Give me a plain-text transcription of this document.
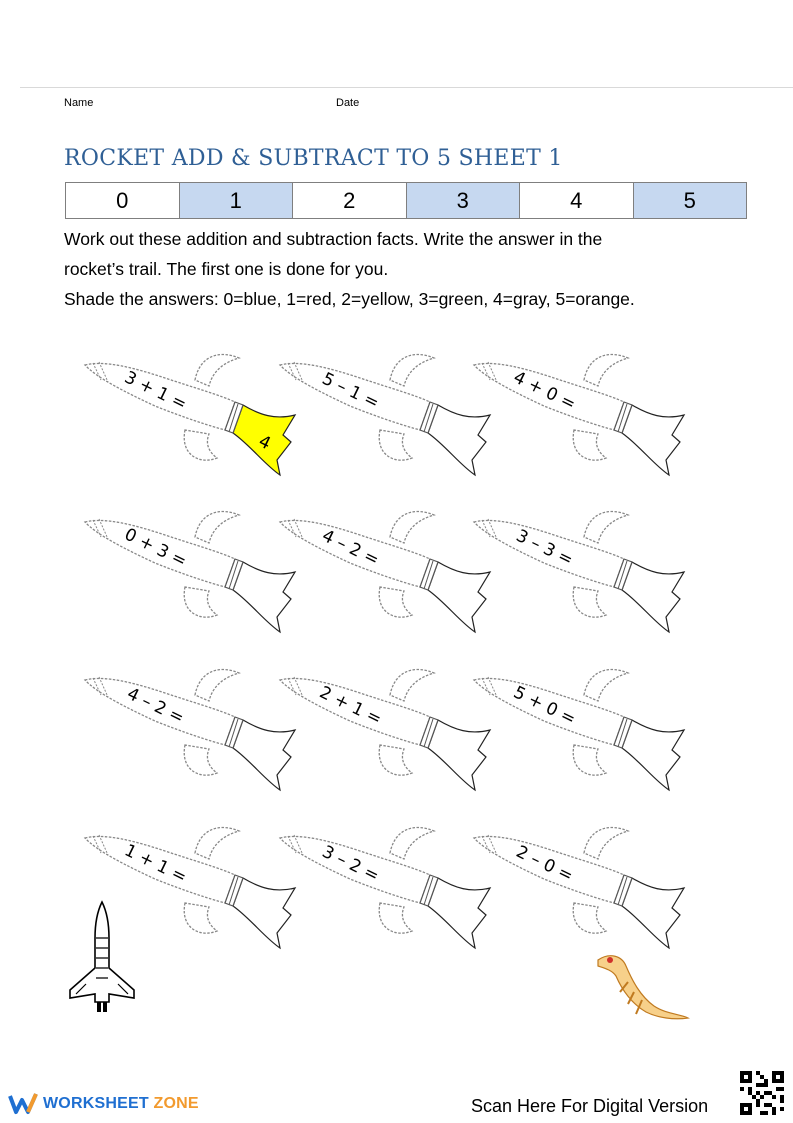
Name	Date
ROCKET ADD & SUBTRACT TO 5 SHEET 1
0	1	2	3	4	5

Work out these addition and subtraction facts. Write the answer in the

rocket’s trail. The first one is done for you.

Shade the answers: 0=blue, 1=red, 2=yellow, 3=green, 4=gray, 5=orange.

3 + 1 =
4
5 – 1 =	4 + 0 =
0 + 3 =	4 – 2 =	3 – 3 =
4 – 2 =	2 + 1 =	5 + 0 =
1 + 1 =	3 – 2 =	2 – 0 =
WORKSHEET ZONE	Scan Here For Digital Version
